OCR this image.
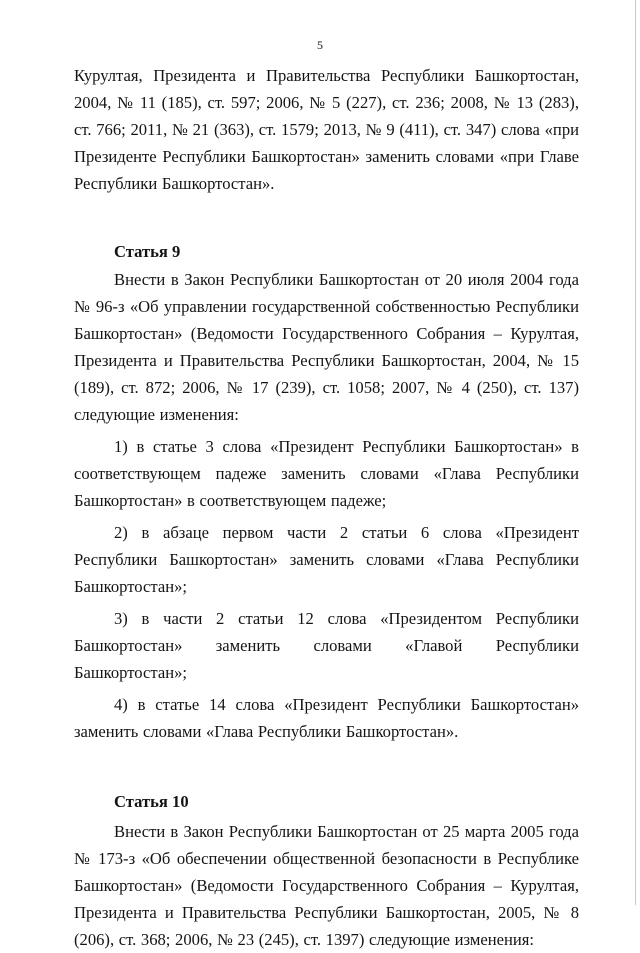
5

Курултая, Президента и Правительства Республики Башкортостан, 2004, № 11 (185), ст. 597; 2006, № 5 (227), ст. 236; 2008, № 13 (283), ст. 766; 2011, № 21 (363), ст. 1579; 2013, № 9 (411), ст. 347) слова «при Президенте Республики Башкортостан» заменить словами «при Главе Республики Башкортостан».

Статья 9

Внести в Закон Республики Башкортостан от 20 июля 2004 года № 96-з «Об управлении государственной собственностью Республики Башкортостан» (Ведомости Государственного Собрания – Курултая, Президента и Правительства Республики Башкортостан, 2004, № 15 (189), ст. 872; 2006, № 17 (239), ст. 1058; 2007, № 4 (250), ст. 137) следующие изменения:

1) в статье 3 слова «Президент Республики Башкортостан» в соответствующем падеже заменить словами «Глава Республики Башкортостан» в соответствующем падеже;

2) в абзаце первом части 2 статьи 6 слова «Президент Республики Башкортостан» заменить словами «Глава Республики Башкортостан»;

3) в части 2 статьи 12 слова «Президентом Республики Башкортостан» заменить словами «Главой Республики Башкортостан»;

4) в статье 14 слова «Президент Республики Башкортостан» заменить словами «Глава Республики Башкортостан».

Статья 10

Внести в Закон Республики Башкортостан от 25 марта 2005 года № 173-з «Об обеспечении общественной безопасности в Республике Башкортостан» (Ведомости Государственного Собрания – Курултая, Президента и Правительства Республики Башкортостан, 2005, № 8 (206), ст. 368; 2006, № 23 (245), ст. 1397) следующие изменения:
